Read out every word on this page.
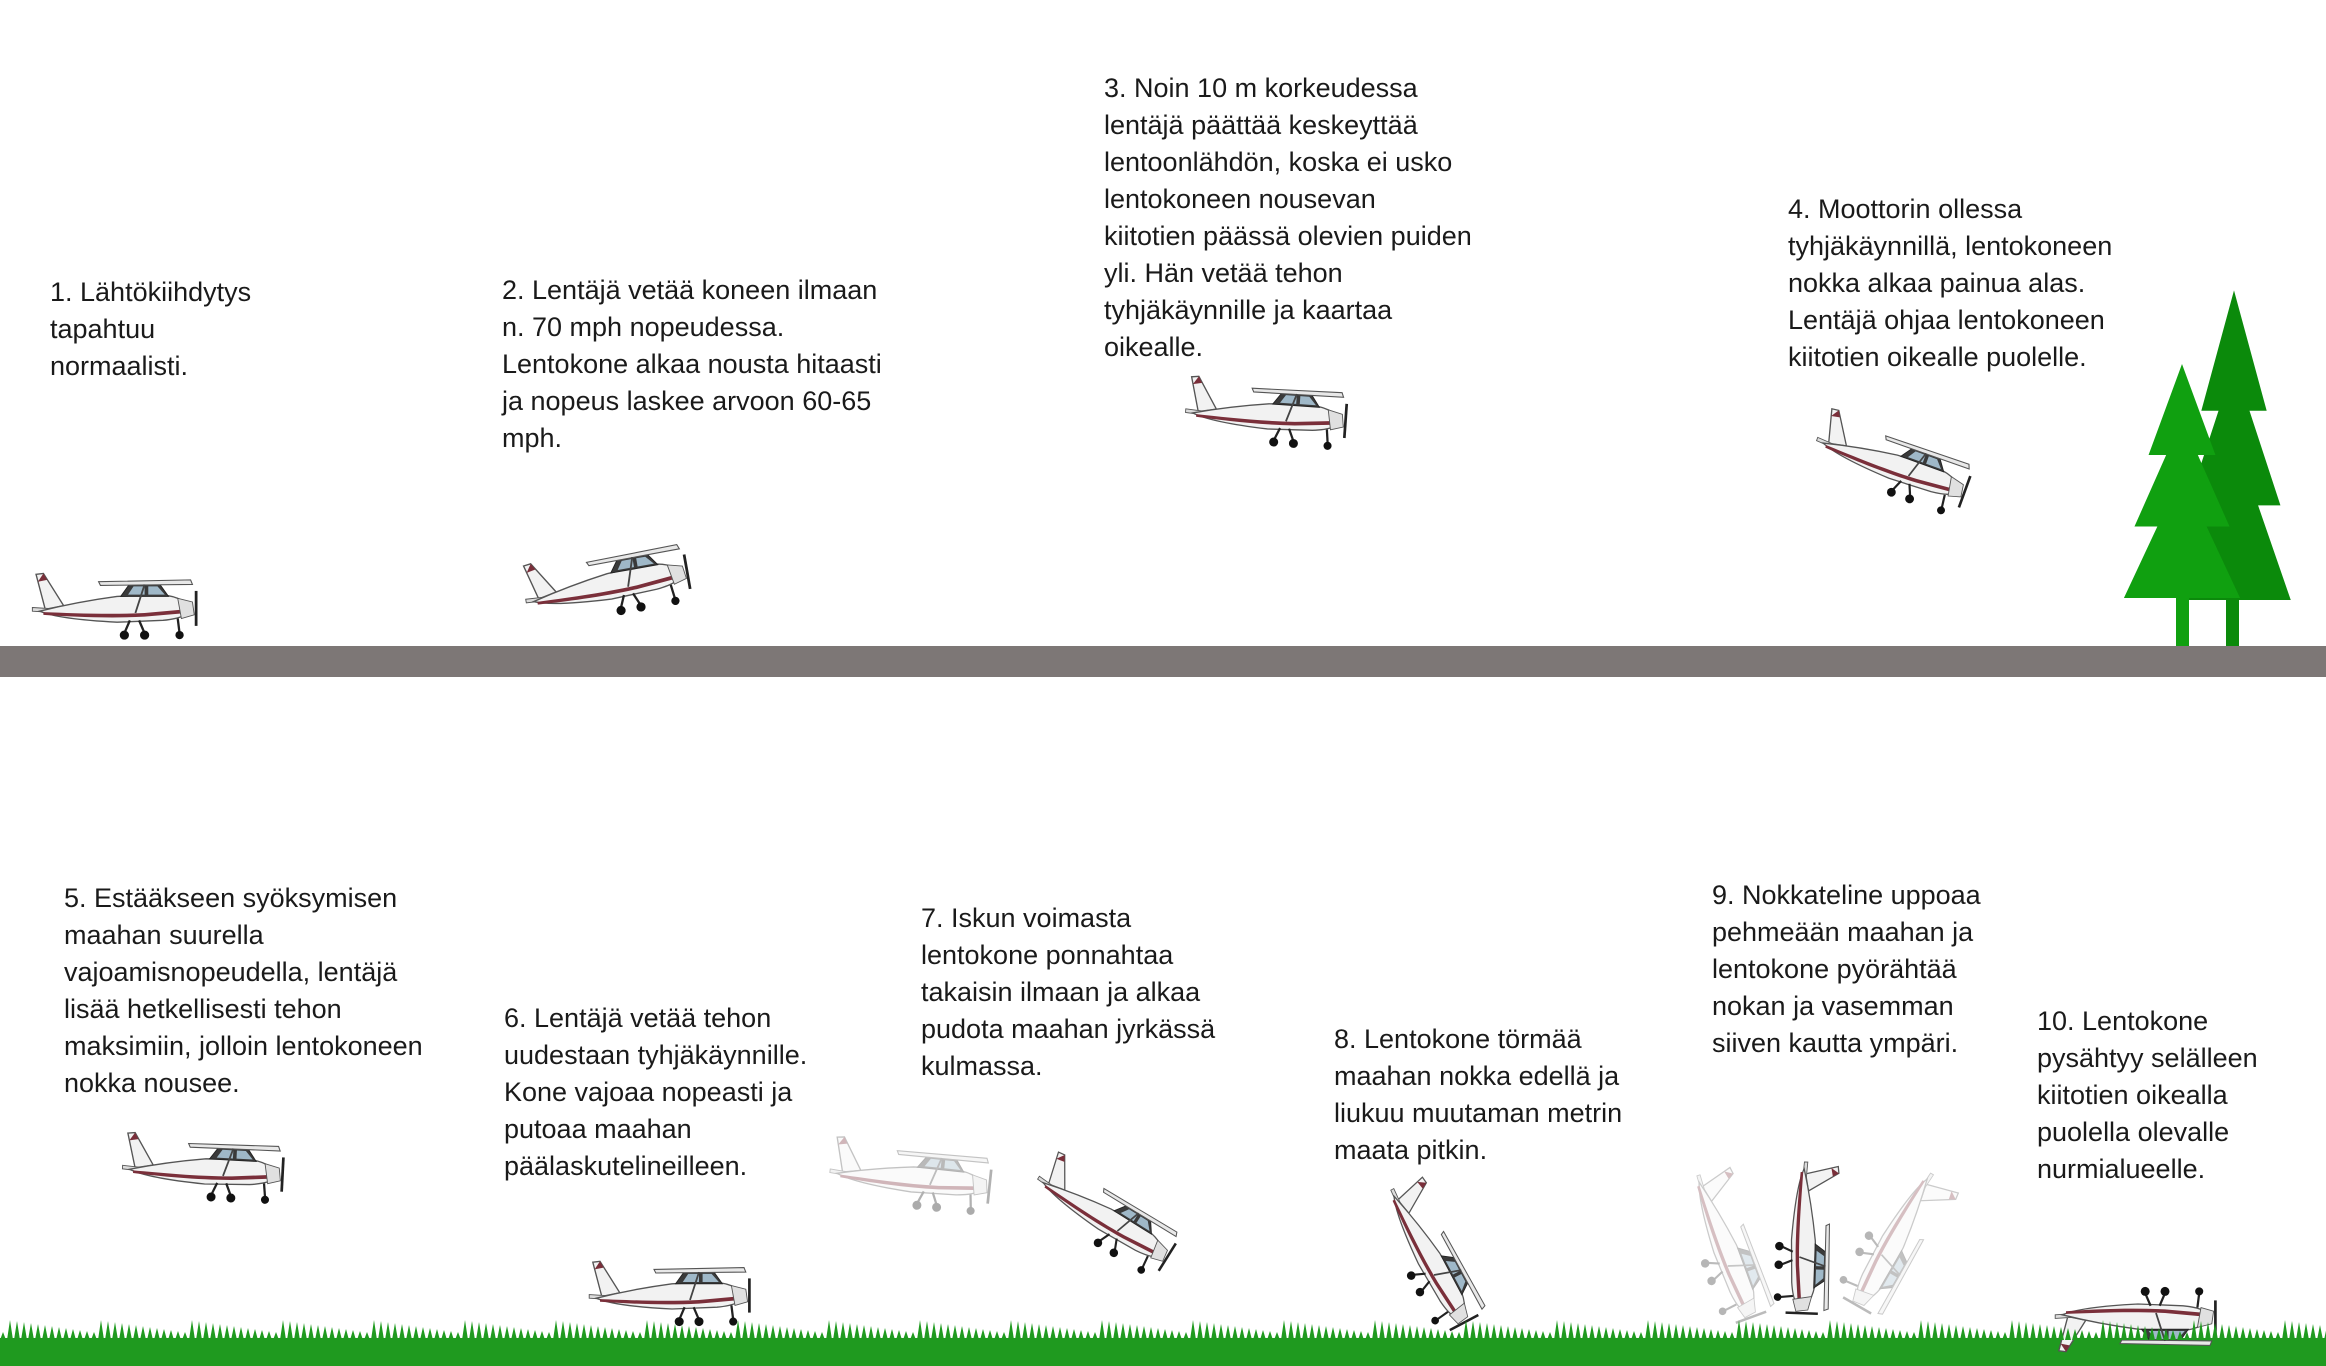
1. Lähtökiihdytys tapahtuu normaalisti.
2. Lentäjä vetää koneen ilmaan n. 70 mph nopeudessa. Lentokone alkaa nousta hitaasti ja nopeus laskee arvoon 60-65 mph.
3. Noin 10 m korkeudessa lentäjä päättää keskeyttää lentoonlähdön, koska ei usko lentokoneen nousevan kiitotien päässä olevien puiden yli. Hän vetää tehon tyhjäkäynnille ja kaartaa oikealle.
4. Moottorin ollessa tyhjäkäynnillä, lentokoneen nokka alkaa painua alas. Lentäjä ohjaa lentokoneen kiitotien oikealle puolelle.
5. Estääkseen syöksymisen maahan suurella vajoamisnopeudella, lentäjä lisää hetkellisesti tehon maksimiin, jolloin lentokoneen nokka nousee.
6. Lentäjä vetää tehon uudestaan tyhjäkäynnille. Kone vajoaa nopeasti ja putoaa maahan päälaskutelineilleen.
7. Iskun voimasta lentokone ponnahtaa takaisin ilmaan ja alkaa pudota maahan jyrkässä kulmassa.
8. Lentokone törmää maahan nokka edellä ja liukuu muutaman metrin maata pitkin.
9. Nokkateline uppoaa pehmeään maahan ja lentokone pyörähtää nokan ja vasemman siiven kautta ympäri.
10. Lentokone pysähtyy selälleen kiitotien oikealla puolella olevalle nurmialueelle.
